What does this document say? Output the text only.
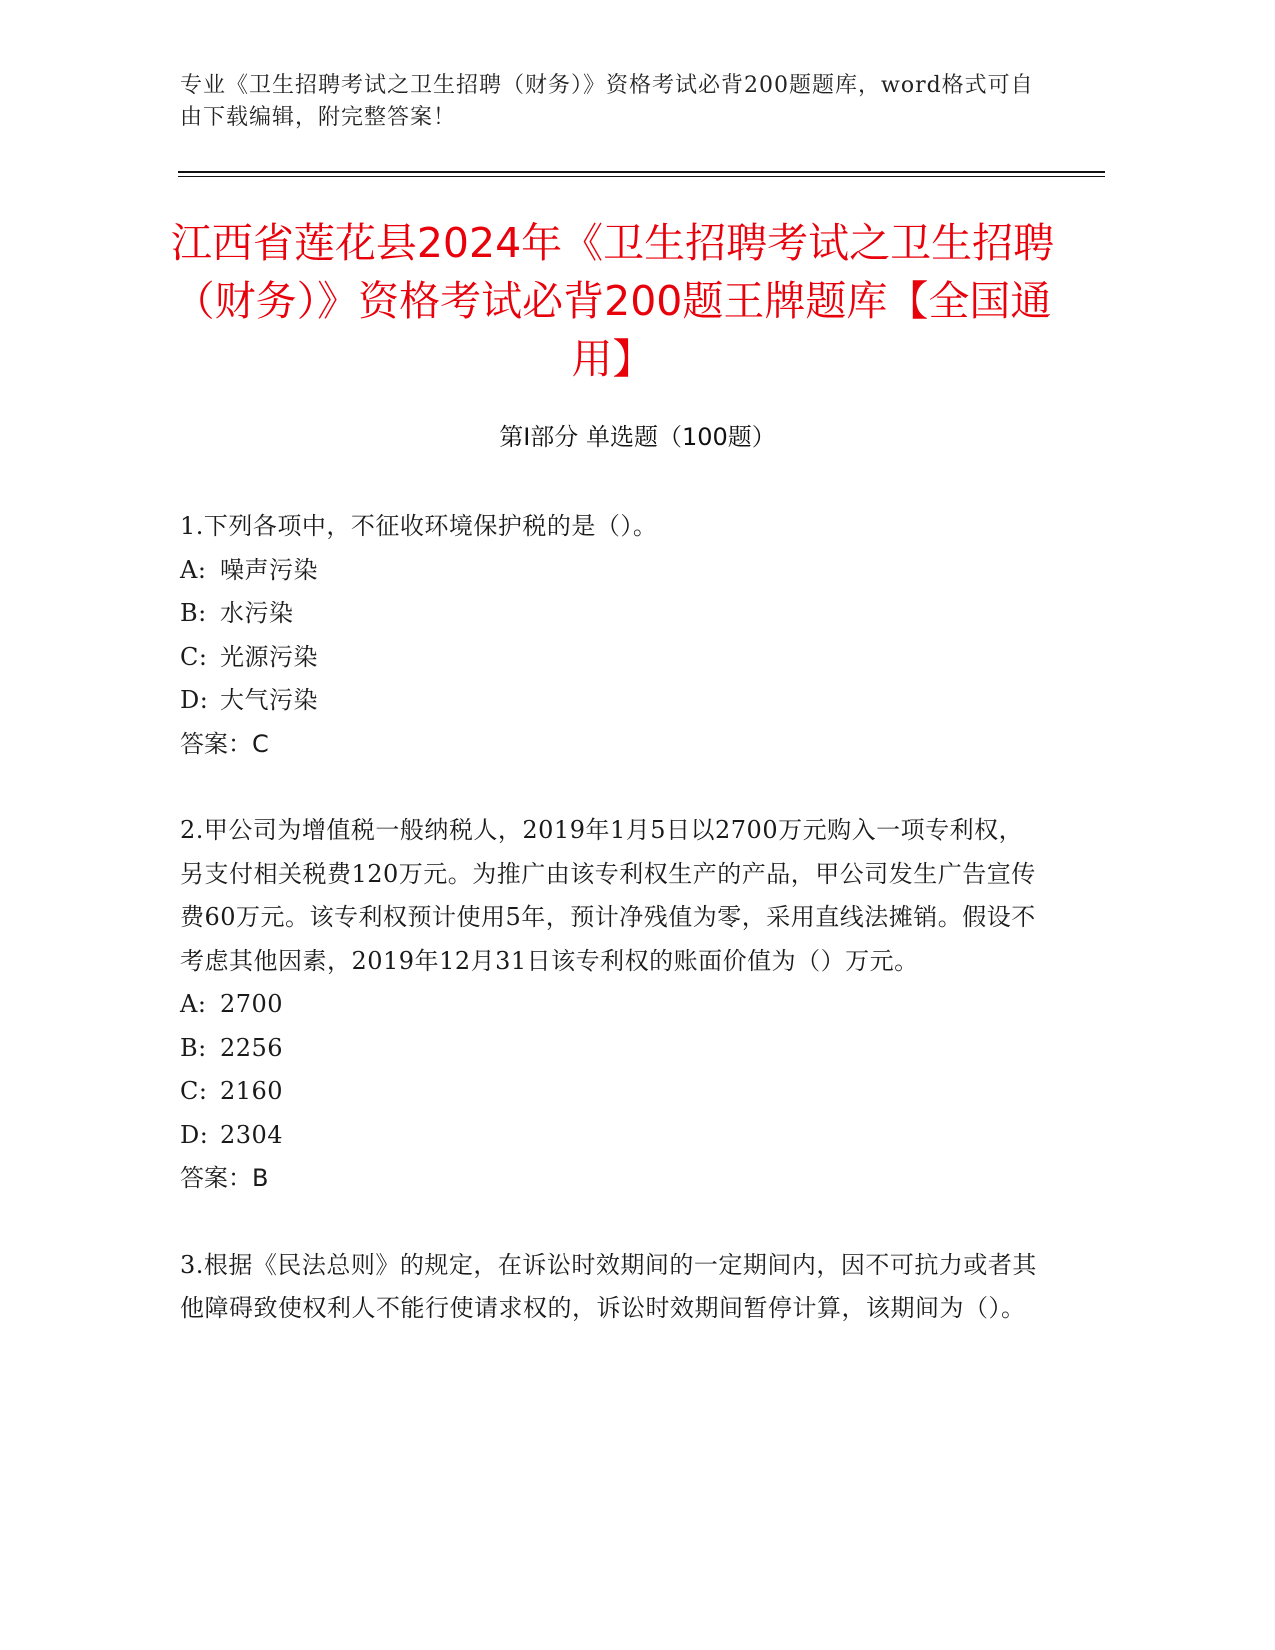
专业《卫生招聘考试之卫生招聘（财务）》资格考试必背200题题库，word格式可自由下载编辑，附完整答案！
江西省莲花县2024年《卫生招聘考试之卫生招聘（财务）》资格考试必背200题王牌题库【全国通用】
第I部分 单选题（100题）

1.下列各项中，不征收环境保护税的是（）。

A: 噪声污染

B: 水污染

C: 光源污染

D: 大气污染

答案：C

2.甲公司为增值税一般纳税人，2019年1月5日以2700万元购入一项专利权，另支付相关税费120万元。为推广由该专利权生产的产品，甲公司发生广告宣传费60万元。该专利权预计使用5年，预计净残值为零，采用直线法摊销。假设不考虑其他因素，2019年12月31日该专利权的账面价值为（）万元。

A: 2700

B: 2256

C: 2160

D: 2304

答案：B

3.根据《民法总则》的规定，在诉讼时效期间的一定期间内，因不可抗力或者其他障碍致使权利人不能行使请求权的，诉讼时效期间暂停计算，该期间为（）。
